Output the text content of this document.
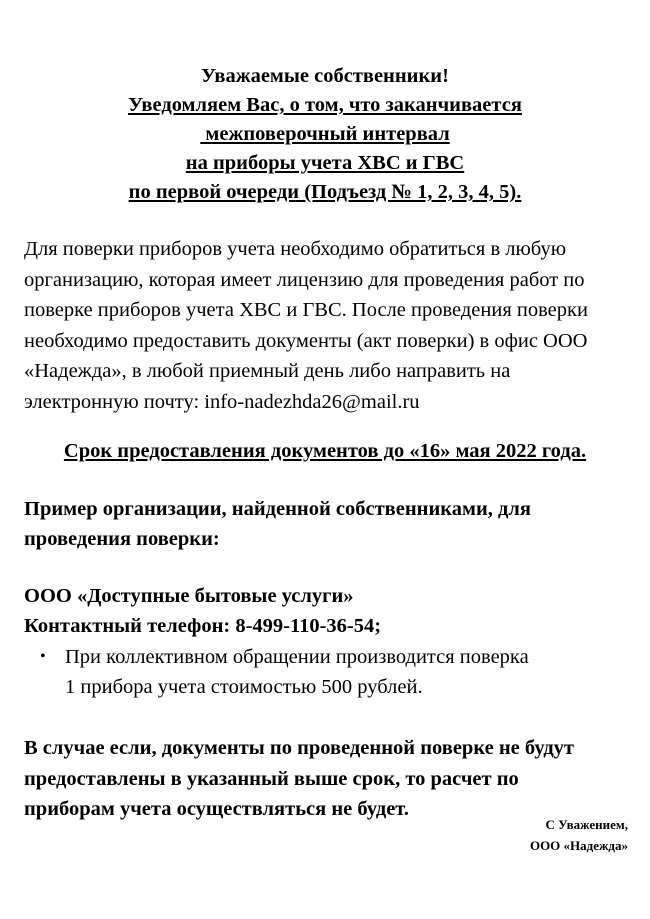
Уважаемые собственники!
Уведомляем Вас, о том, что заканчивается
межповерочный интервал
на приборы учета ХВС и ГВС
по первой очереди (Подъезд № 1, 2, 3, 4, 5).
Для поверки приборов учета необходимо обратиться в любую
организацию, которая имеет лицензию для проведения работ по
поверке приборов учета ХВС и ГВС. После проведения поверки
необходимо предоставить документы (акт поверки) в офис ООО
«Надежда», в любой приемный день либо направить на
электронную почту: info-nadezhda26@mail.ru
Срок предоставления документов до «16» мая 2022 года.
Пример организации, найденной собственниками, для
проведения поверки:
ООО «Доступные бытовые услуги»
Контактный телефон: 8-499-110-36-54;
• При коллективном обращении производится поверка
1 прибора учета стоимостью 500 рублей.
В случае если, документы по проведенной поверке не будут
предоставлены в указанный выше срок, то расчет по
приборам учета осуществляться не будет.
С Уважением,
ООО «Надежда»
